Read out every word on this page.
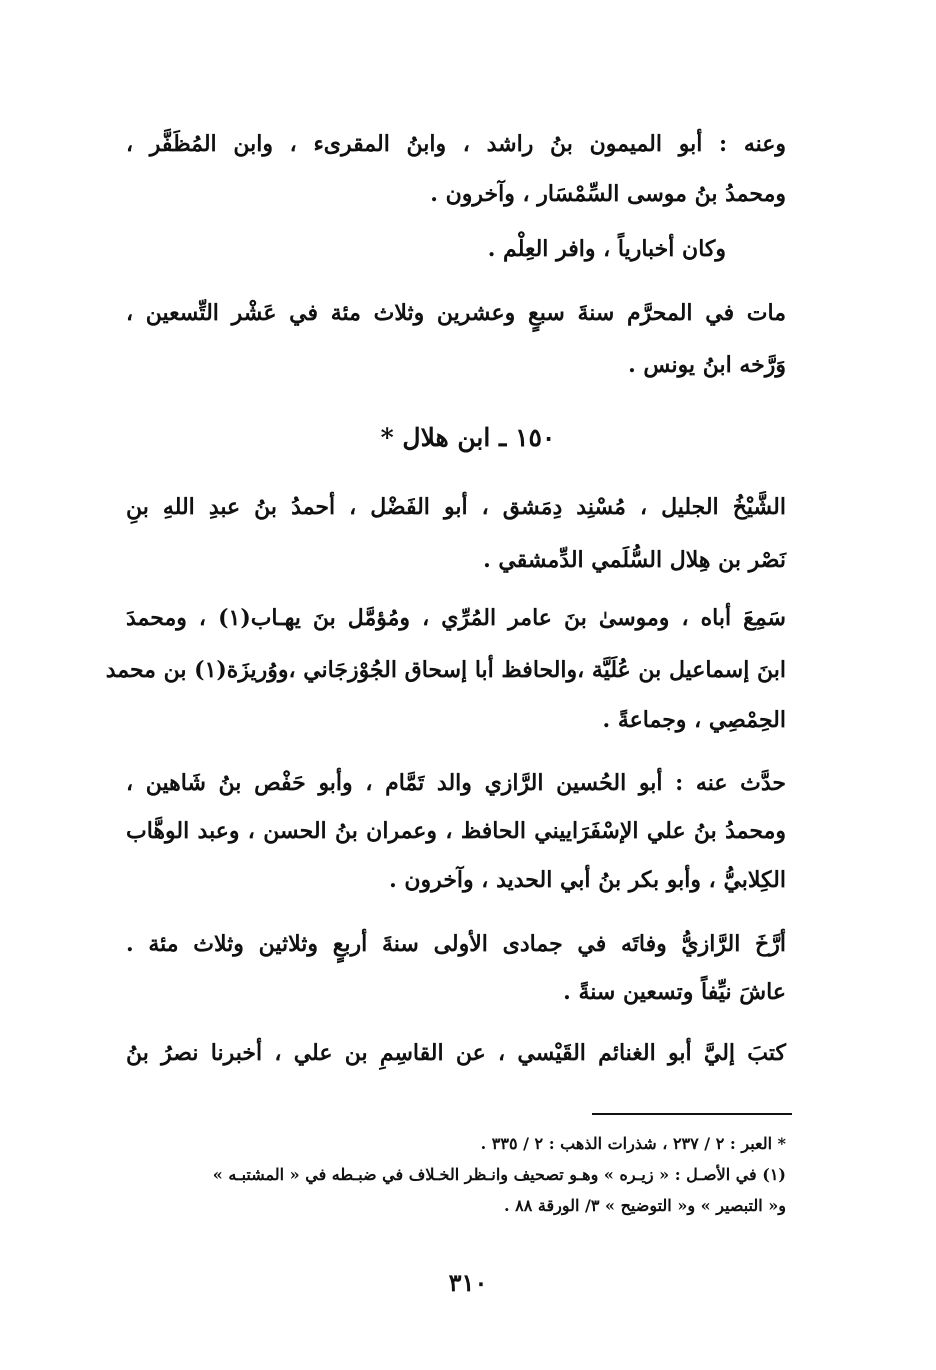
وعنه : أبو الميمون بنُ راشد ، وابنُ المقرىء ، وابن المُظَفَّر ،
ومحمدُ بنُ موسى السِّمْسَار ، وآخرون .
وكان أخبارياً ، وافر العِلْم .
مات في المحرَّم سنةَ سبعٍ وعشرين وثلاث مئة في عَشْر التِّسعين ،
وَرَّخه ابنُ يونس .
١٥٠ ـ ابن هلال *
الشَّيْخُ الجليل ، مُسْنِد دِمَشق ، أبو الفَضْل ، أحمدُ بنُ عبدِ اللهِ بنِ
نَصْر بن هِلال السُّلَمي الدِّمشقي .
سَمِعَ أباه ، وموسىٰ بنَ عامر المُرِّي ، ومُؤمَّل بنَ يهـاب(١) ، ومحمدَ
ابنَ إسماعيل بن عُلَيَّة ،والحافظ أبا إسحاق الجُوْزجَاني ،ووُريزَة(١) بن محمد
الحِمْصِي ، وجماعةً .
حدَّث عنه : أبو الحُسين الرَّازي والد تَمَّام ، وأبو حَفْص بنُ شَاهين ،
ومحمدُ بنُ علي الإسْفَرَاييني الحافظ ، وعمران بنُ الحسن ، وعبد الوهَّاب
الكِلابيُّ ، وأبو بكر بنُ أبي الحديد ، وآخرون .
أرَّخَ الرَّازيُّ وفاتَه في جمادى الأولى سنةَ أربعٍ وثلاثين وثلاث مئة .
عاشَ نيِّفاً وتسعين سنةً .
كتبَ إليَّ أبو الغنائم القَيْسي ، عن القاسِمِ بن علي ، أخبرنا نصرُ بنُ
* العبر : ٢ / ٢٣٧ ، شذرات الذهب : ٢ / ٣٣٥ .
(١) في الأصـل : « زيـره » وهـو تصحيف وانـظر الخـلاف في ضبـطه في « المشتبـه »
و« التبصير » و« التوضيح » ٣/ الورقة ٨٨ .
٣١٠
